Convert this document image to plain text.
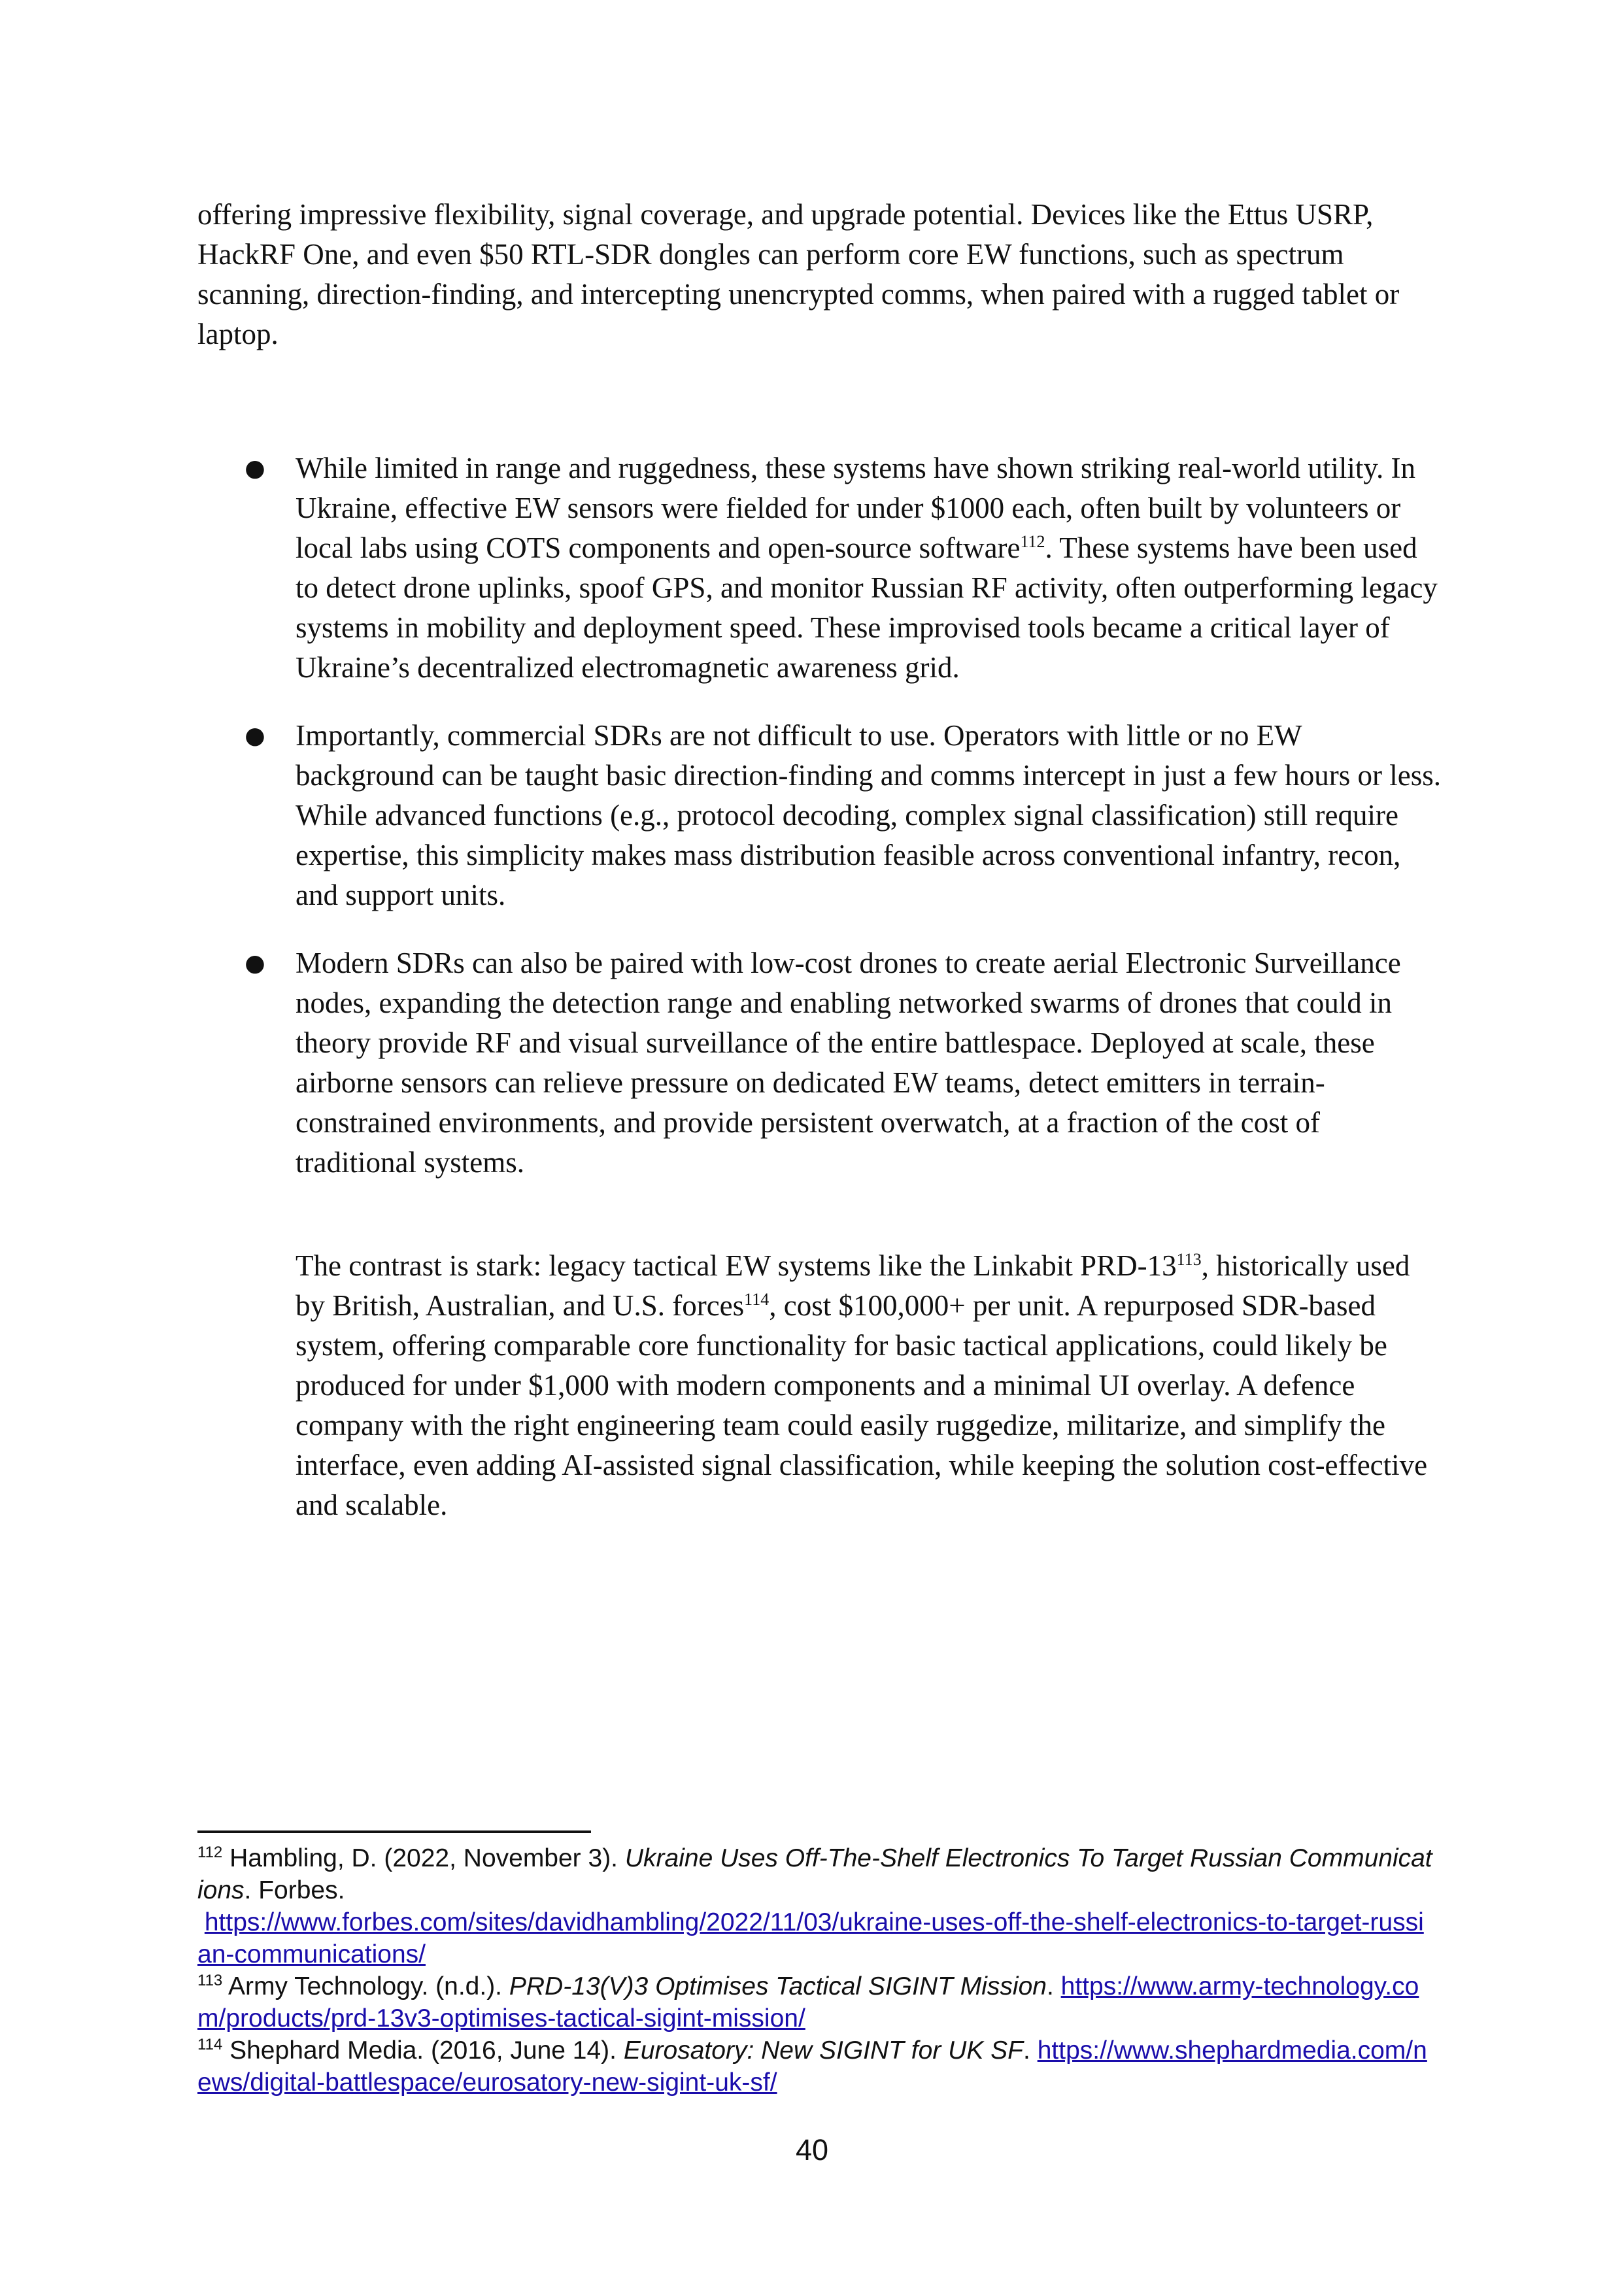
offering impressive flexibility, signal coverage, and upgrade potential. Devices like the Ettus USRP, HackRF One, and even $50 RTL-SDR dongles can perform core EW functions, such as spectrum scanning, direction-finding, and intercepting unencrypted comms, when paired with a rugged tablet or laptop.

● While limited in range and ruggedness, these systems have shown striking real-world utility. In Ukraine, effective EW sensors were fielded for under $1000 each, often built by volunteers or local labs using COTS components and open-source software$^{112}$. These systems have been used to detect drone uplinks, spoof GPS, and monitor Russian RF activity, often outperforming legacy systems in mobility and deployment speed. These improvised tools became a critical layer of Ukraine’s decentralized electromagnetic awareness grid.

● Importantly, commercial SDRs are not difficult to use. Operators with little or no EW background can be taught basic direction-finding and comms intercept in just a few hours or less. While advanced functions (e.g., protocol decoding, complex signal classification) still require expertise, this simplicity makes mass distribution feasible across conventional infantry, recon, and support units.

● Modern SDRs can also be paired with low-cost drones to create aerial Electronic Surveillance nodes, expanding the detection range and enabling networked swarms of drones that could in theory provide RF and visual surveillance of the entire battlespace. Deployed at scale, these airborne sensors can relieve pressure on dedicated EW teams, detect emitters in terrain-constrained environments, and provide persistent overwatch, at a fraction of the cost of traditional systems.

The contrast is stark: legacy tactical EW systems like the Linkabit PRD-$13^{113}$, historically used by British, Australian, and U.S. forces$^{114}$, cost $100,000+ per unit. A repurposed SDR-based system, offering comparable core functionality for basic tactical applications, could likely be produced for under $1,000 with modern components and a minimal UI overlay. A defence company with the right engineering team could easily ruggedize, militarize, and simplify the interface, even adding AI-assisted signal classification, while keeping the solution cost-effective and scalable.

$^{112}$ Hambling, D. (2022, November 3). Ukraine Uses Off-The-Shelf Electronics To Target Russian Communications. Forbes.
https://www.forbes.com/sites/davidhambling/2022/11/03/ukraine-uses-off-the-shelf-electronics-to-target-russian-communications/

$^{113}$ Army Technology. (n.d.). PRD-13(V)3 Optimises Tactical SIGINT Mission. https://www.army-technology.com/products/prd-13v3-optimises-tactical-sigint-mission/

$^{114}$ Shephard Media. (2016, June 14). Eurosatory: New SIGINT for UK SF. https://www.shephardmedia.com/news/digital-battlespace/eurosatory-new-sigint-uk-sf/

40
